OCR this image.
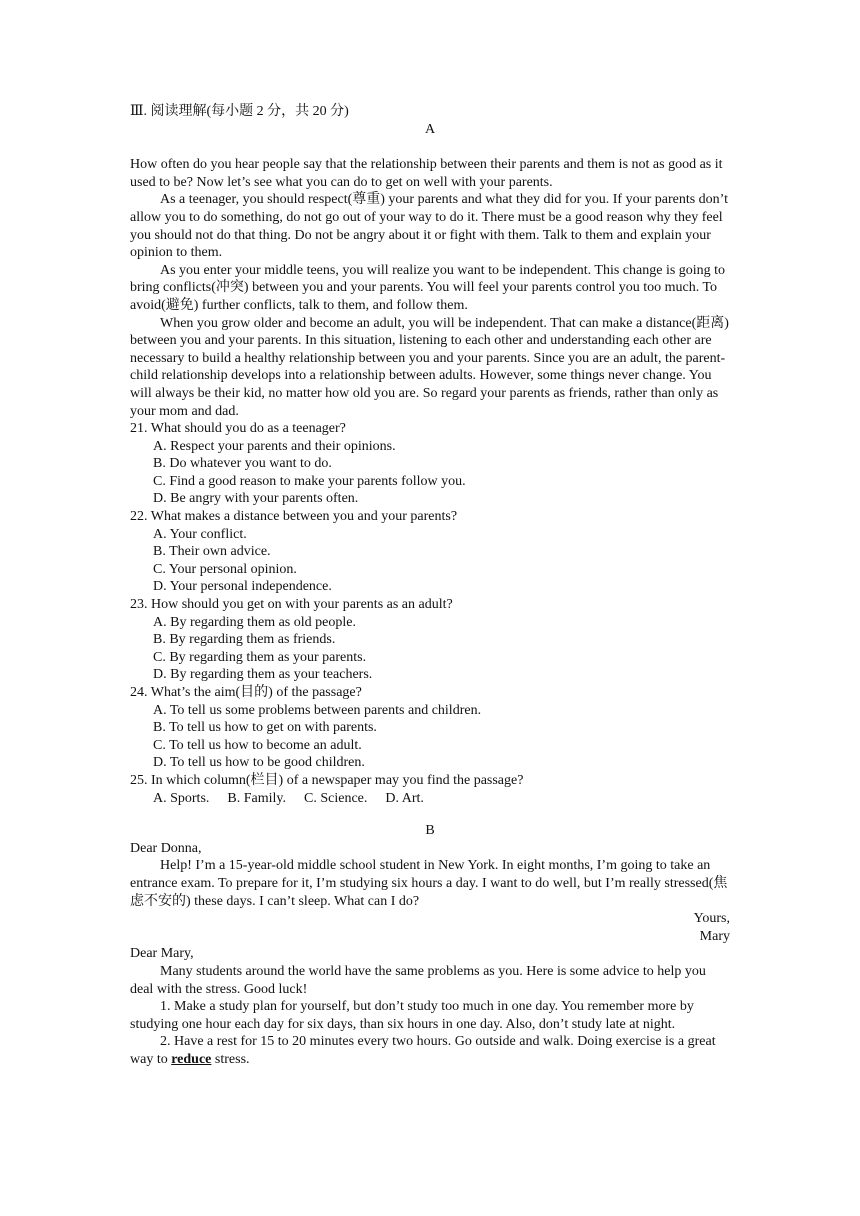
Ⅲ. 阅读理解(每小题 2 分，共 20 分)

A

How often do you hear people say that the relationship between their parents and them is not as good as it used to be? Now let’s see what you can do to get on well with your parents.

As a teenager, you should respect(尊重) your parents and what they did for you. If your parents don’t allow you to do something, do not go out of your way to do it. There must be a good reason why they feel you should not do that thing. Do not be angry about it or fight with them. Talk to them and explain your opinion to them.

As you enter your middle teens, you will realize you want to be independent. This change is going to bring conflicts(冲突) between you and your parents. You will feel your parents control you too much. To avoid(避免) further conflicts, talk to them, and follow them.

When you grow older and become an adult, you will be independent. That can make a distance(距离) between you and your parents. In this situation, listening to each other and understanding each other are necessary to build a healthy relationship between you and your parents. Since you are an adult, the parent-child relationship develops into a relationship between adults. However, some things never change. You will always be their kid, no matter how old you are. So regard your parents as friends, rather than only as your mom and dad.

21. What should you do as a teenager?

A. Respect your parents and their opinions.

B. Do whatever you want to do.

C. Find a good reason to make your parents follow you.

D. Be angry with your parents often.

22. What makes a distance between you and your parents?

A. Your conflict.

B. Their own advice.

C. Your personal opinion.

D. Your personal independence.

23. How should you get on with your parents as an adult?

A. By regarding them as old people.

B. By regarding them as friends.

C. By regarding them as your parents.

D. By regarding them as your teachers.

24. What’s the aim(目的) of the passage?

A. To tell us some problems between parents and children.

B. To tell us how to get on with parents.

C. To tell us how to become an adult.

D. To tell us how to be good children.

25. In which column(栏目) of a newspaper may you find the passage?

A. Sports. B. Family. C. Science. D. Art.

B

Dear Donna,

Help! I’m a 15-year-old middle school student in New York. In eight months, I’m going to take an entrance exam. To prepare for it, I’m studying six hours a day. I want to do well, but I’m really stressed(焦虑不安的) these days. I can’t sleep. What can I do?

Yours,

Mary

Dear Mary,

Many students around the world have the same problems as you. Here is some advice to help you deal with the stress. Good luck!

1. Make a study plan for yourself, but don’t study too much in one day. You remember more by studying one hour each day for six days, than six hours in one day. Also, don’t study late at night.

2. Have a rest for 15 to 20 minutes every two hours. Go outside and walk. Doing exercise is a great way to reduce stress.
